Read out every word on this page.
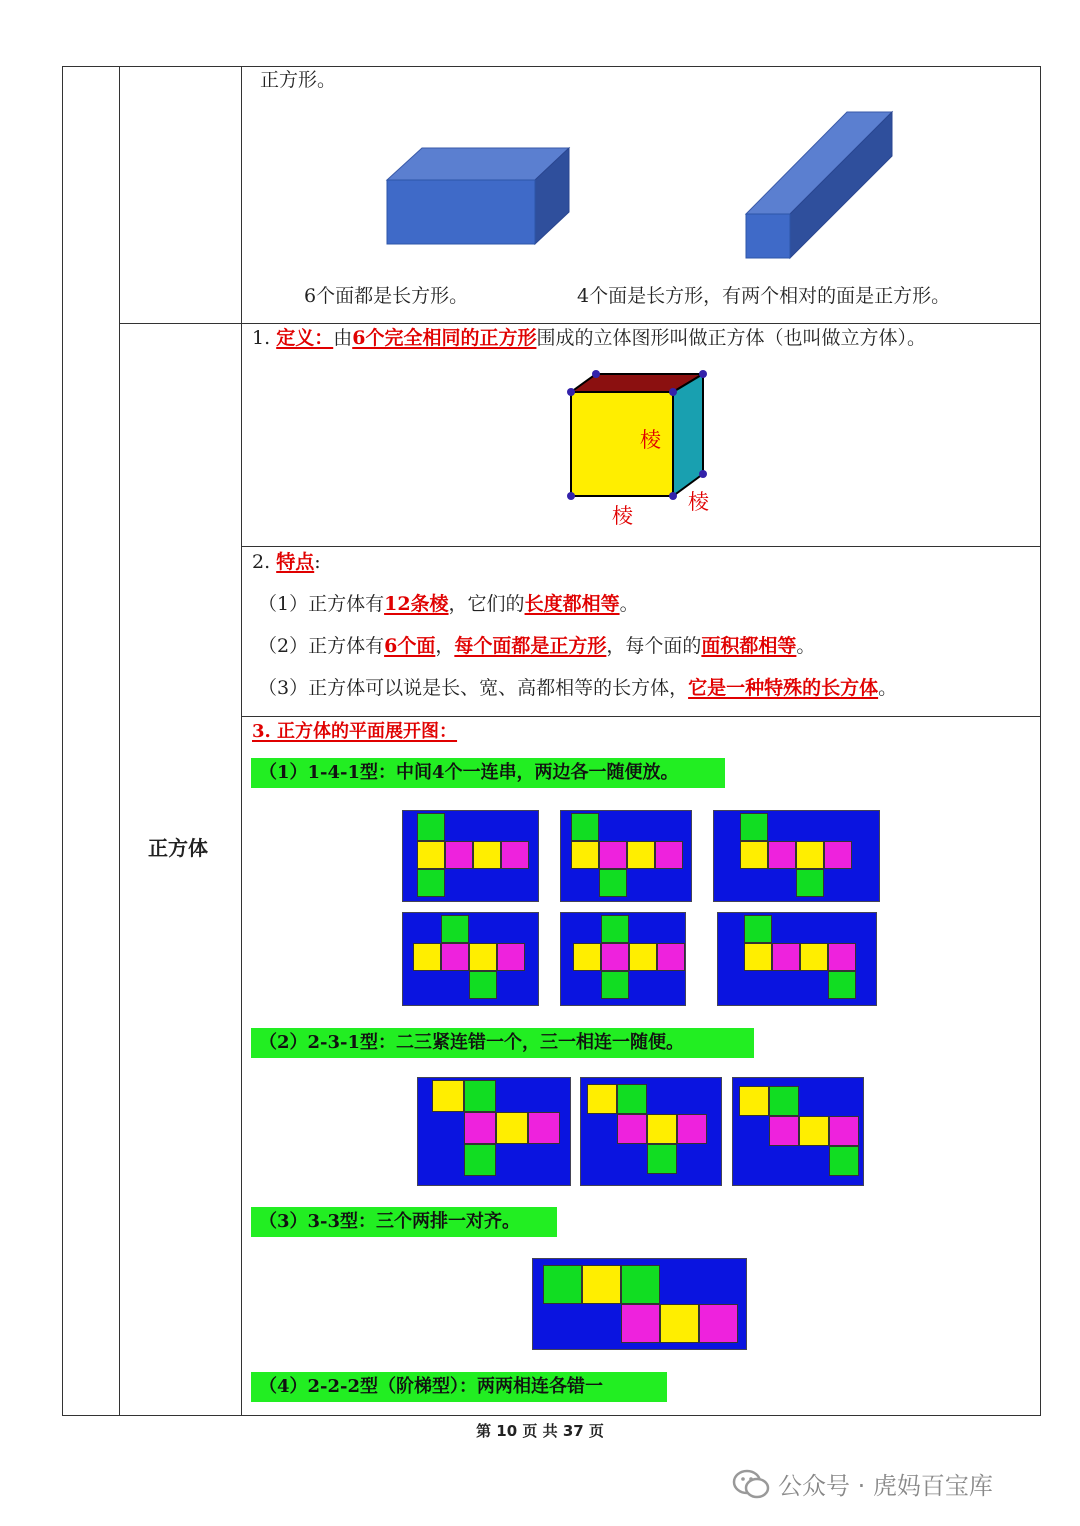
正方形。
6个面都是长方形。	4个面是长方形，有两个相对的面是正方形。
正方体
1. 定义：由6个完全相同的正方形围成的立体图形叫做正方体（也叫做立方体）。
棱
棱
棱
2. 特点:
（1）正方体有12条棱，它们的长度都相等。
（2）正方体有6个面，每个面都是正方形，每个面的面积都相等。
（3）正方体可以说是长、宽、高都相等的长方体，它是一种特殊的长方体。
3. 正方体的平面展开图：
（1）1-4-1型：中间4个一连串，两边各一随便放。
（2）2-3-1型：二三紧连错一个，三一相连一随便。
（3）3-3型：三个两排一对齐。
（4）2-2-2型（阶梯型）：两两相连各错一
第 10 页 共 37 页
公众号 · 虎妈百宝库
